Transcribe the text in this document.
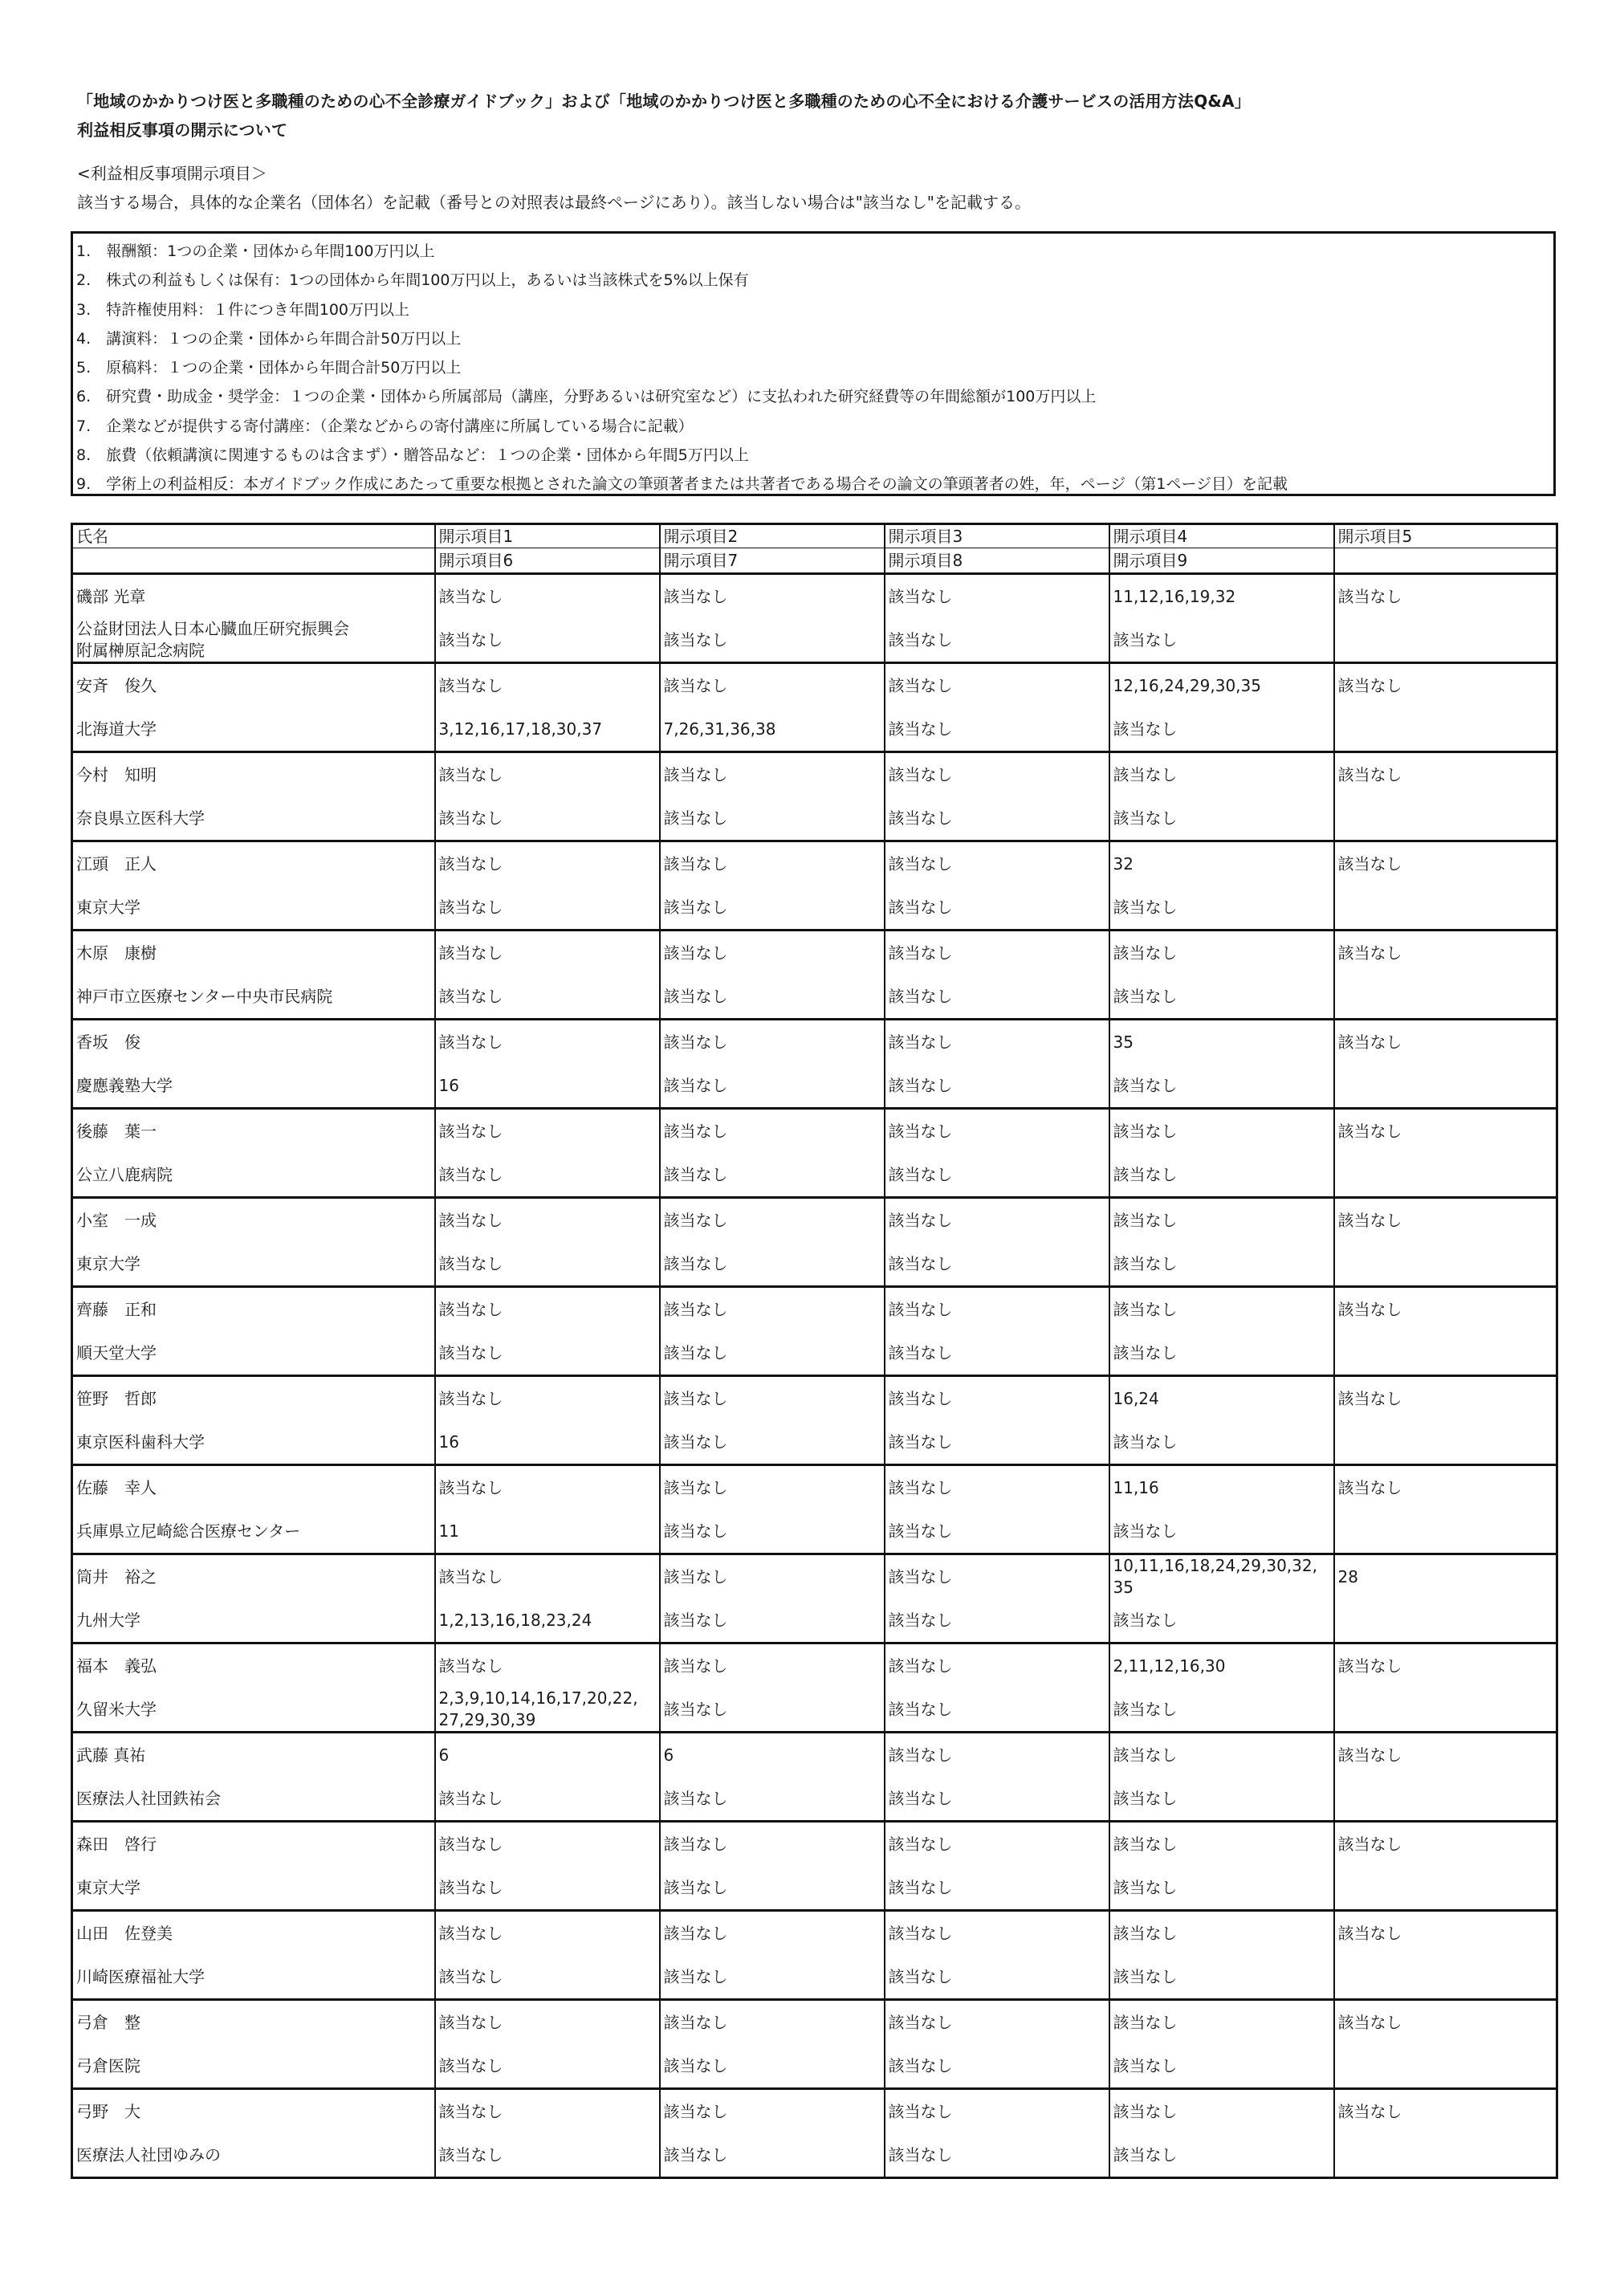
「地域のかかりつけ医と多職種のための心不全診療ガイドブック」および「地域のかかりつけ医と多職種のための心不全における介護サービスの活用方法Q&A」
利益相反事項の開示について
<利益相反事項開示項目＞
該当する場合，具体的な企業名（団体名）を記載（番号との対照表は最終ページにあり）。該当しない場合は"該当なし"を記載する。
1.　報酬額：1つの企業・団体から年間100万円以上
2.　株式の利益もしくは保有：1つの団体から年間100万円以上，あるいは当該株式を5%以上保有
3.　特許権使用料：１件につき年間100万円以上
4.　講演料：１つの企業・団体から年間合計50万円以上
5.　原稿料：１つの企業・団体から年間合計50万円以上
6.　研究費・助成金・奨学金：１つの企業・団体から所属部局（講座，分野あるいは研究室など）に支払われた研究経費等の年間総額が100万円以上
7.　企業などが提供する寄付講座：（企業などからの寄付講座に所属している場合に記載）
8.　旅費（依頼講演に関連するものは含まず）・贈答品など：１つの企業・団体から年間5万円以上
9.　学術上の利益相反：本ガイドブック作成にあたって重要な根拠とされた論文の筆頭著者または共著者である場合その論文の筆頭著者の姓，年，ページ（第1ページ目）を記載
氏名	開示項目1	開示項目2	開示項目3	開示項目4	開示項目5
	開示項目6	開示項目7	開示項目8	開示項目9	
磯部 光章	該当なし	該当なし	該当なし	11,12,16,19,32	該当なし
公益財団法人日本心臓血圧研究振興会
附属榊原記念病院	該当なし	該当なし	該当なし	該当なし	
安斉　俊久	該当なし	該当なし	該当なし	12,16,24,29,30,35	該当なし
北海道大学	3,12,16,17,18,30,37	7,26,31,36,38	該当なし	該当なし	
今村　知明	該当なし	該当なし	該当なし	該当なし	該当なし
奈良県立医科大学	該当なし	該当なし	該当なし	該当なし	
江頭　正人	該当なし	該当なし	該当なし	32	該当なし
東京大学	該当なし	該当なし	該当なし	該当なし	
木原　康樹	該当なし	該当なし	該当なし	該当なし	該当なし
神戸市立医療センター中央市民病院	該当なし	該当なし	該当なし	該当なし	
香坂　俊	該当なし	該当なし	該当なし	35	該当なし
慶應義塾大学	16	該当なし	該当なし	該当なし	
後藤　葉一	該当なし	該当なし	該当なし	該当なし	該当なし
公立八鹿病院	該当なし	該当なし	該当なし	該当なし	
小室　一成	該当なし	該当なし	該当なし	該当なし	該当なし
東京大学	該当なし	該当なし	該当なし	該当なし	
齊藤　正和	該当なし	該当なし	該当なし	該当なし	該当なし
順天堂大学	該当なし	該当なし	該当なし	該当なし	
笹野　哲郎	該当なし	該当なし	該当なし	16,24	該当なし
東京医科歯科大学	16	該当なし	該当なし	該当なし	
佐藤　幸人	該当なし	該当なし	該当なし	11,16	該当なし
兵庫県立尼崎総合医療センター	11	該当なし	該当なし	該当なし	
筒井　裕之	該当なし	該当なし	該当なし	10,11,16,18,24,29,30,32,
35	28
九州大学	1,2,13,16,18,23,24	該当なし	該当なし	該当なし	
福本　義弘	該当なし	該当なし	該当なし	2,11,12,16,30	該当なし
久留米大学	2,3,9,10,14,16,17,20,22,
27,29,30,39	該当なし	該当なし	該当なし	
武藤 真祐	6	6	該当なし	該当なし	該当なし
医療法人社団鉄祐会	該当なし	該当なし	該当なし	該当なし	
森田　啓行	該当なし	該当なし	該当なし	該当なし	該当なし
東京大学	該当なし	該当なし	該当なし	該当なし	
山田　佐登美	該当なし	該当なし	該当なし	該当なし	該当なし
川崎医療福祉大学	該当なし	該当なし	該当なし	該当なし	
弓倉　整	該当なし	該当なし	該当なし	該当なし	該当なし
弓倉医院	該当なし	該当なし	該当なし	該当なし	
弓野　大	該当なし	該当なし	該当なし	該当なし	該当なし
医療法人社団ゆみの	該当なし	該当なし	該当なし	該当なし	
